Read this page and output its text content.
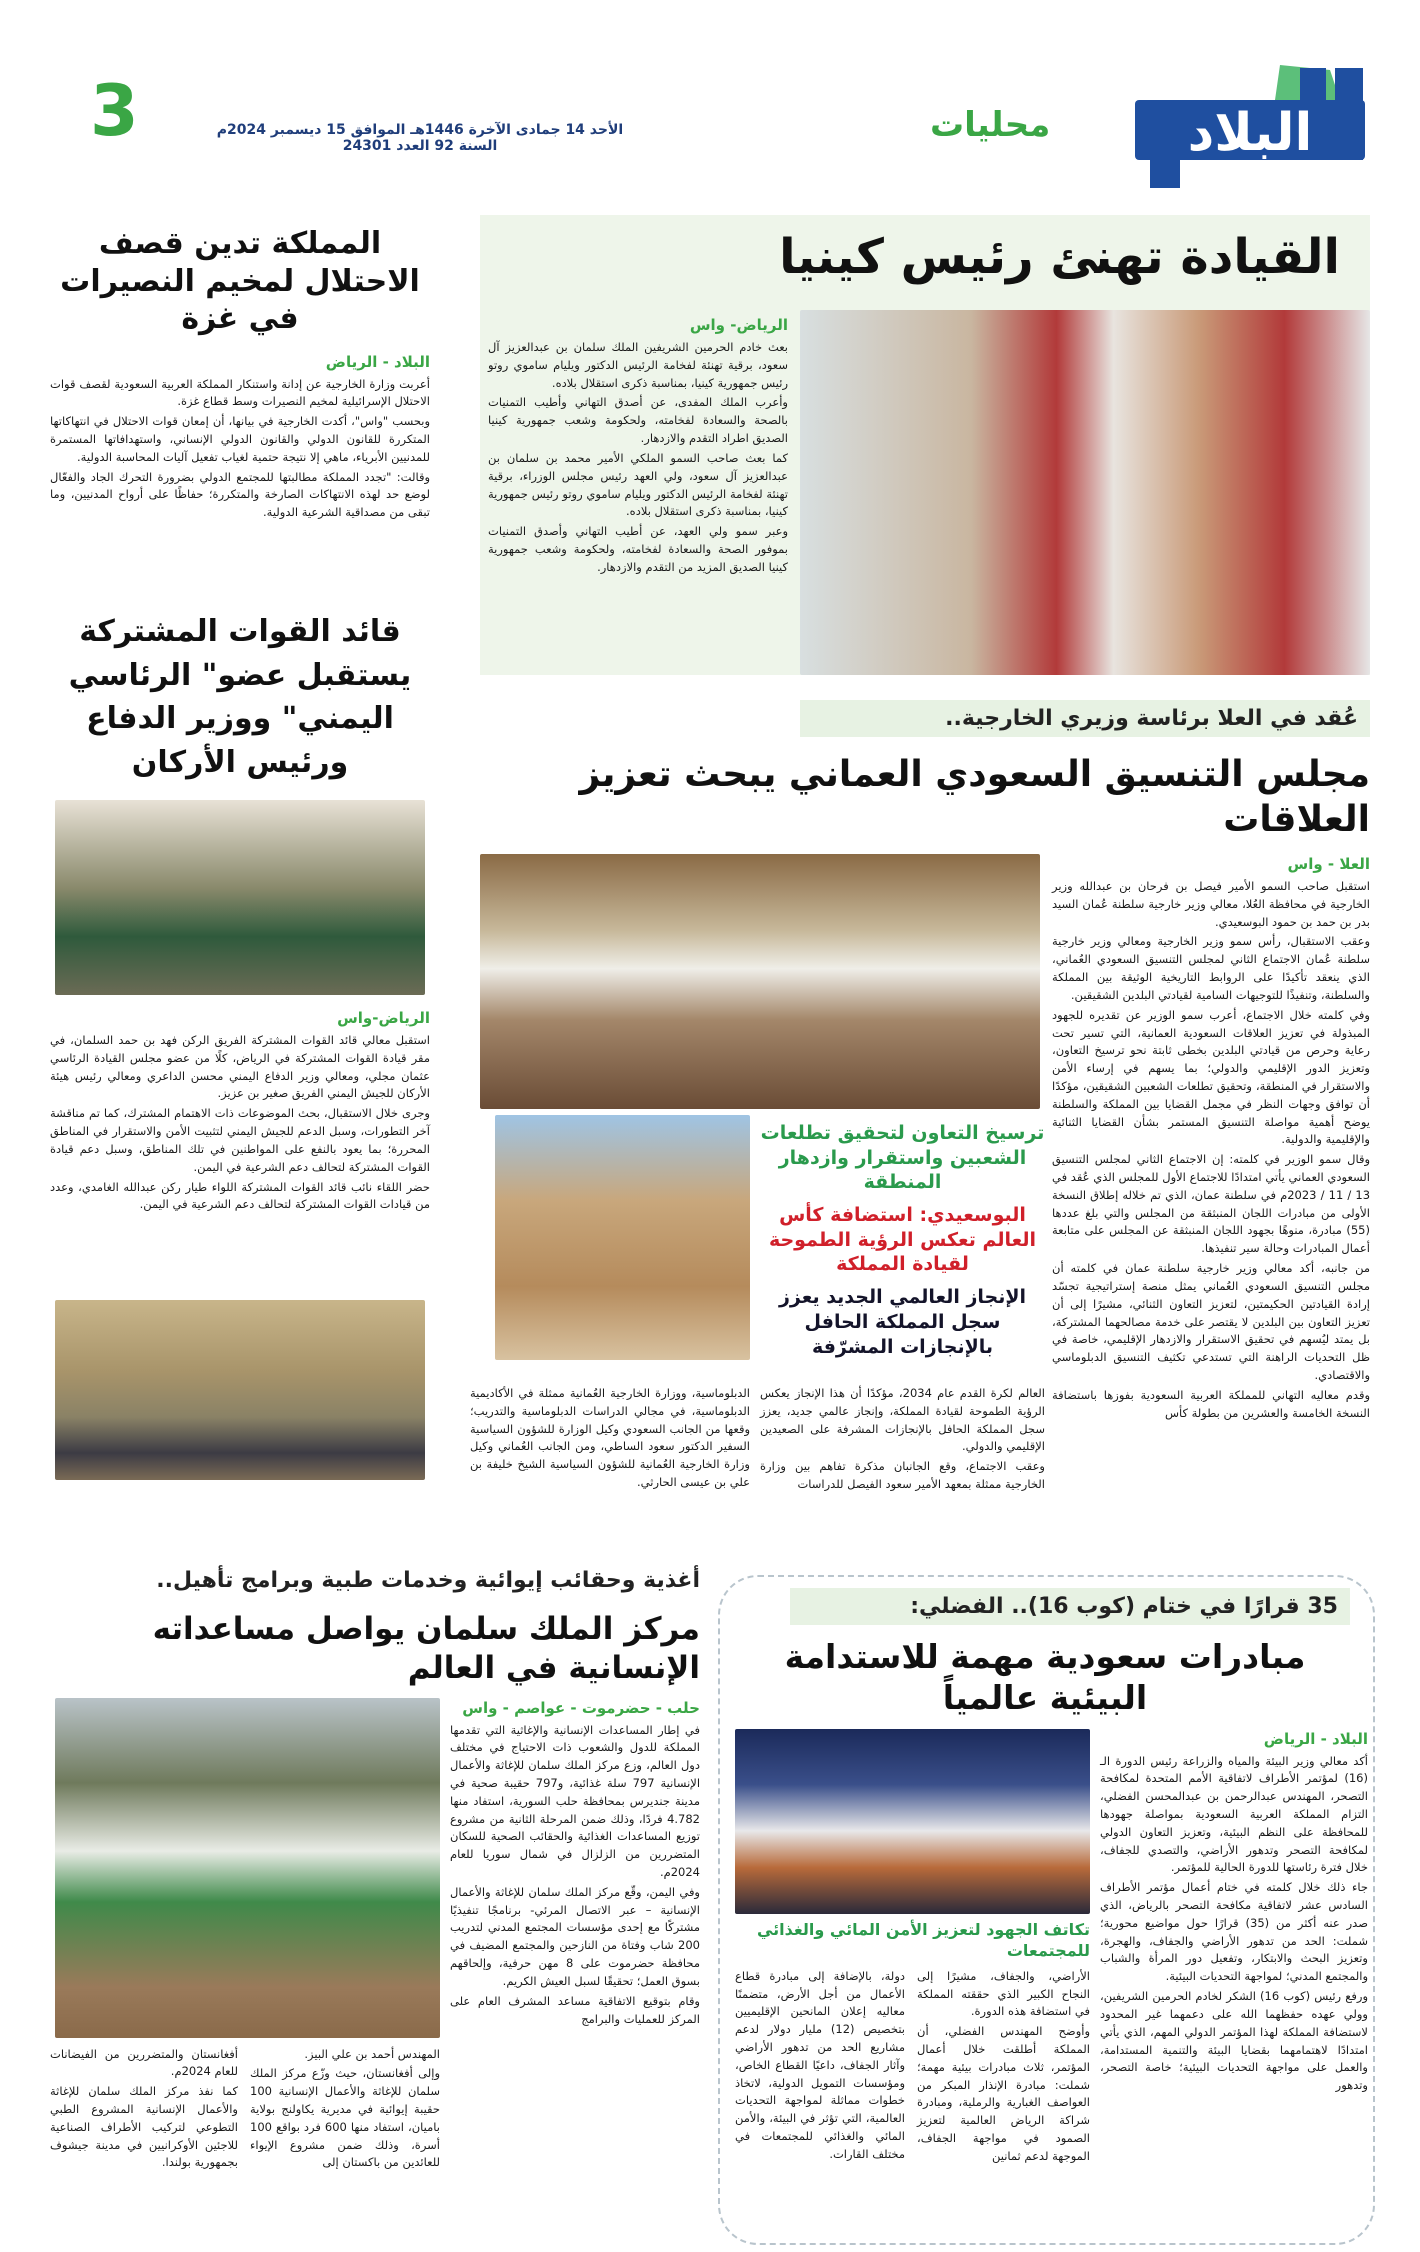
البلاد
محليات
الأحد 14 جمادى الآخرة 1446هـ الموافق 15 ديسمبر 2024م السنة 92 العدد 24301
3
القيادة تهنئ رئيس كينيا
الرياض- واس

بعث خادم الحرمين الشريفين الملك سلمان بن عبدالعزيز آل سعود، برقية تهنئة لفخامة الرئيس الدكتور ويليام ساموي روتو رئيس جمهورية كينيا، بمناسبة ذكرى استقلال بلاده.

وأعرب الملك المفدى، عن أصدق التهاني وأطيب التمنيات بالصحة والسعادة لفخامته، ولحكومة وشعب جمهورية كينيا الصديق اطراد التقدم والازدهار.

كما بعث صاحب السمو الملكي الأمير محمد بن سلمان بن عبدالعزيز آل سعود، ولي العهد رئيس مجلس الوزراء، برقية تهنئة لفخامة الرئيس الدكتور ويليام ساموي روتو رئيس جمهورية كينيا، بمناسبة ذكرى استقلال بلاده.

وعبر سمو ولي العهد، عن أطيب التهاني وأصدق التمنيات بموفور الصحة والسعادة لفخامته، ولحكومة وشعب جمهورية كينيا الصديق المزيد من التقدم والازدهار.

المملكة تدين قصف الاحتلال لمخيم النصيرات في غزة
البلاد - الرياض

أعربت وزارة الخارجية عن إدانة واستنكار المملكة العربية السعودية لقصف قوات الاحتلال الإسرائيلية لمخيم النصيرات وسط قطاع غزة.

وبحسب "واس"، أكدت الخارجية في بيانها، أن إمعان قوات الاحتلال في انتهاكاتها المتكررة للقانون الدولي والقانون الدولي الإنساني، واستهدافاتها المستمرة للمدنيين الأبرياء، ماهي إلا نتيجة حتمية لغياب تفعيل آليات المحاسبة الدولية.

وقالت: "تجدد المملكة مطالبتها للمجتمع الدولي بضرورة التحرك الجاد والفعّال لوضع حد لهذه الانتهاكات الصارخة والمتكررة؛ حفاظًا على أرواح المدنيين، وما تبقى من مصداقية الشرعية الدولية.

قائد القوات المشتركة يستقبل عضو" الرئاسي اليمني" ووزير الدفاع ورئيس الأركان
الرياض-واس

استقبل معالي قائد القوات المشتركة الفريق الركن فهد بن حمد السلمان، في مقر قيادة القوات المشتركة في الرياض، كلًا من عضو مجلس القيادة الرئاسي عثمان مجلي، ومعالي وزير الدفاع اليمني محسن الداعري ومعالي رئيس هيئة الأركان للجيش اليمني الفريق صغير بن عزيز.

وجرى خلال الاستقبال، بحث الموضوعات ذات الاهتمام المشترك، كما تم مناقشة آخر التطورات، وسبل الدعم للجيش اليمني لتثبيت الأمن والاستقرار في المناطق المحررة؛ بما يعود بالنفع على المواطنين في تلك المناطق، وسبل دعم قيادة القوات المشتركة لتحالف دعم الشرعية في اليمن.

حضر اللقاء نائب قائد القوات المشتركة اللواء طيار ركن عبدالله الغامدي، وعدد من قيادات القوات المشتركة لتحالف دعم الشرعية في اليمن.

عُقد في العلا برئاسة وزيري الخارجية..
مجلس التنسيق السعودي العماني يبحث تعزيز العلاقات
العلا - واس

استقبل صاحب السمو الأمير فيصل بن فرحان بن عبدالله وزير الخارجية في محافظة العُلا، معالي وزير خارجية سلطنة عُمان السيد بدر بن حمد بن حمود البوسعيدي.

وعقب الاستقبال، رأس سمو وزير الخارجية ومعالي وزير خارجية سلطنة عُمان الاجتماع الثاني لمجلس التنسيق السعودي العُماني، الذي ينعقد تأكيدًا على الروابط التاريخية الوثيقة بين المملكة والسلطنة، وتنفيذًا للتوجيهات السامية لقيادتي البلدين الشقيقين.

وفي كلمته خلال الاجتماع، أعرب سمو الوزير عن تقديره للجهود المبذولة في تعزيز العلاقات السعودية العمانية، التي تسير تحت رعاية وحرص من قيادتي البلدين بخطى ثابتة نحو ترسيخ التعاون، وتعزيز الدور الإقليمي والدولي؛ بما يسهم في إرساء الأمن والاستقرار في المنطقة، وتحقيق تطلعات الشعبين الشقيقين، مؤكدًا أن توافق وجهات النظر في مجمل القضايا بين المملكة والسلطنة يوضح أهمية مواصلة التنسيق المستمر بشأن القضايا الثنائية والإقليمية والدولية.

وقال سمو الوزير في كلمته: إن الاجتماع الثاني لمجلس التنسيق السعودي العماني يأتي امتدادًا للاجتماع الأول للمجلس الذي عُقد في 13 / 11 / 2023م في سلطنة عمان، الذي تم خلاله إطلاق النسخة الأولى من مبادرات اللجان المنبثقة من المجلس والتي بلغ عددها (55) مبادرة، منوهًا بجهود اللجان المنبثقة عن المجلس على متابعة أعمال المبادرات وحالة سير تنفيذها.

من جانبه، أكد معالي وزير خارجية سلطنة عمان في كلمته أن مجلس التنسيق السعودي العُماني يمثل منصة إستراتيجية تجسّد إرادة القيادتين الحكيمتين، لتعزيز التعاون الثنائي، مشيرًا إلى أن تعزيز التعاون بين البلدين لا يقتصر على خدمة مصالحهما المشتركة، بل يمتد ليُسهم في تحقيق الاستقرار والازدهار الإقليمي، خاصة في ظل التحديات الراهنة التي تستدعي تكثيف التنسيق الدبلوماسي والاقتصادي.

وقدم معاليه التهاني للمملكة العربية السعودية بفوزها باستضافة النسخة الخامسة والعشرين من بطولة كأس

ترسيخ التعاون لتحقيق تطلعات الشعبين واستقرار وازدهار المنطقة
البوسعيدي: استضافة كأس العالم تعكس الرؤية الطموحة لقيادة المملكة
الإنجاز العالمي الجديد يعزز سجل المملكة الحافل بالإنجازات المشرّفة

العالم لكرة القدم عام 2034، مؤكدًا أن هذا الإنجاز يعكس الرؤية الطموحة لقيادة المملكة، وإنجاز عالمي جديد، يعزز سجل المملكة الحافل بالإنجازات المشرفة على الصعيدين الإقليمي والدولي.

وعقب الاجتماع، وقع الجانبان مذكرة تفاهم بين وزارة الخارجية ممثلة بمعهد الأمير سعود الفيصل للدراسات

الدبلوماسية، ووزارة الخارجية العُمانية ممثلة في الأكاديمية الدبلوماسية، في مجالي الدراسات الدبلوماسية والتدريب؛ وقعها من الجانب السعودي وكيل الوزارة للشؤون السياسية السفير الدكتور سعود الساطي، ومن الجانب العُماني وكيل وزارة الخارجية العُمانية للشؤون السياسية الشيخ خليفة بن علي بن عيسى الحارثي.

أغذية وحقائب إيوائية وخدمات طبية وبرامج تأهيل..
مركز الملك سلمان يواصل مساعداته الإنسانية في العالم
حلب - حضرموت - عواصم - واس

في إطار المساعدات الإنسانية والإغاثية التي تقدمها المملكة للدول والشعوب ذات الاحتياج في مختلف دول العالم، وزع مركز الملك سلمان للإغاثة والأعمال الإنسانية 797 سلة غذائية، و797 حقيبة صحية في مدينة جنديرس بمحافظة حلب السورية، استفاد منها 4.782 فردًا، وذلك ضمن المرحلة الثانية من مشروع توزيع المساعدات الغذائية والحقائب الصحية للسكان المتضررين من الزلزال في شمال سوريا للعام 2024م.

وفي اليمن، وقّع مركز الملك سلمان للإغاثة والأعمال الإنسانية – عبر الاتصال المرئي- برنامجًا تنفيذيًا مشتركًا مع إحدى مؤسسات المجتمع المدني لتدريب 200 شاب وفتاة من النازحين والمجتمع المضيف في محافظة حضرموت على 8 مهن حرفية، وإلحاقهم بسوق العمل؛ تحقيقًا لسبل العيش الكريم.

وقام بتوقيع الاتفاقية مساعد المشرف العام على المركز للعمليات والبرامج

المهندس أحمد بن علي البيز.

وإلى أفغانستان، حيث وزّع مركز الملك سلمان للإغاثة والأعمال الإنسانية 100 حقيبة إيوائية في مديرية يكاولنج بولاية باميان، استفاد منها 600 فرد بواقع 100 أسرة، وذلك ضمن مشروع الإيواء للعائدين من باكستان إلى

أفغانستان والمتضررين من الفيضانات للعام 2024م.

كما نفذ مركز الملك سلمان للإغاثة والأعمال الإنسانية المشروع الطبي التطوعي لتركيب الأطراف الصناعية للاجئين الأوكرانيين في مدينة جيشوف بجمهورية بولندا.

35 قرارًا في ختام (كوب 16).. الفضلي:
مبادرات سعودية مهمة للاستدامة البيئية عالمياً
تكاتف الجهود لتعزيز الأمن المائي والغذائي للمجتمعات
البلاد - الرياض

أكد معالي وزير البيئة والمياه والزراعة رئيس الدورة الـ (16) لمؤتمر الأطراف لاتفاقية الأمم المتحدة لمكافحة التصحر، المهندس عبدالرحمن بن عبدالمحسن الفضلي، التزام المملكة العربية السعودية بمواصلة جهودها للمحافظة على النظم البيئية، وتعزيز التعاون الدولي لمكافحة التصحر وتدهور الأراضي، والتصدي للجفاف، خلال فترة رئاستها للدورة الحالية للمؤتمر.

جاء ذلك خلال كلمته في ختام أعمال مؤتمر الأطراف السادس عشر لاتفاقية مكافحة التصحر بالرياض، الذي صدر عنه أكثر من (35) قرارًا حول مواضيع محورية؛ شملت: الحد من تدهور الأراضي والجفاف، والهجرة، وتعزيز البحث والابتكار، وتفعيل دور المرأة والشباب والمجتمع المدني؛ لمواجهة التحديات البيئية.

ورفع رئيس (كوب 16) الشكر لخادم الحرمين الشريفين، وولي عهده حفظهما الله على دعمهما غير المحدود لاستضافة المملكة لهذا المؤتمر الدولي المهم، الذي يأتي امتدادًا لاهتمامهما بقضايا البيئة والتنمية المستدامة، والعمل على مواجهة التحديات البيئية؛ خاصة التصحر، وتدهور

الأراضي، والجفاف، مشيرًا إلى النجاح الكبير الذي حققته المملكة في استضافة هذه الدورة.

وأوضح المهندس الفضلي، أن المملكة أطلقت خلال أعمال المؤتمر، ثلاث مبادرات بيئية مهمة؛ شملت: مبادرة الإنذار المبكر من العواصف الغبارية والرملية، ومبادرة شراكة الرياض العالمية لتعزيز الصمود في مواجهة الجفاف، الموجهة لدعم ثمانين

دولة، بالإضافة إلى مبادرة قطاع الأعمال من أجل الأرض، متضمنًا معاليه إعلان المانحين الإقليميين بتخصيص (12) مليار دولار لدعم مشاريع الحد من تدهور الأراضي وآثار الجفاف، داعيًا القطاع الخاص، ومؤسسات التمويل الدولية، لاتخاذ خطوات مماثلة لمواجهة التحديات العالمية، التي تؤثر في البيئة، والأمن المائي والغذائي للمجتمعات في مختلف القارات.
